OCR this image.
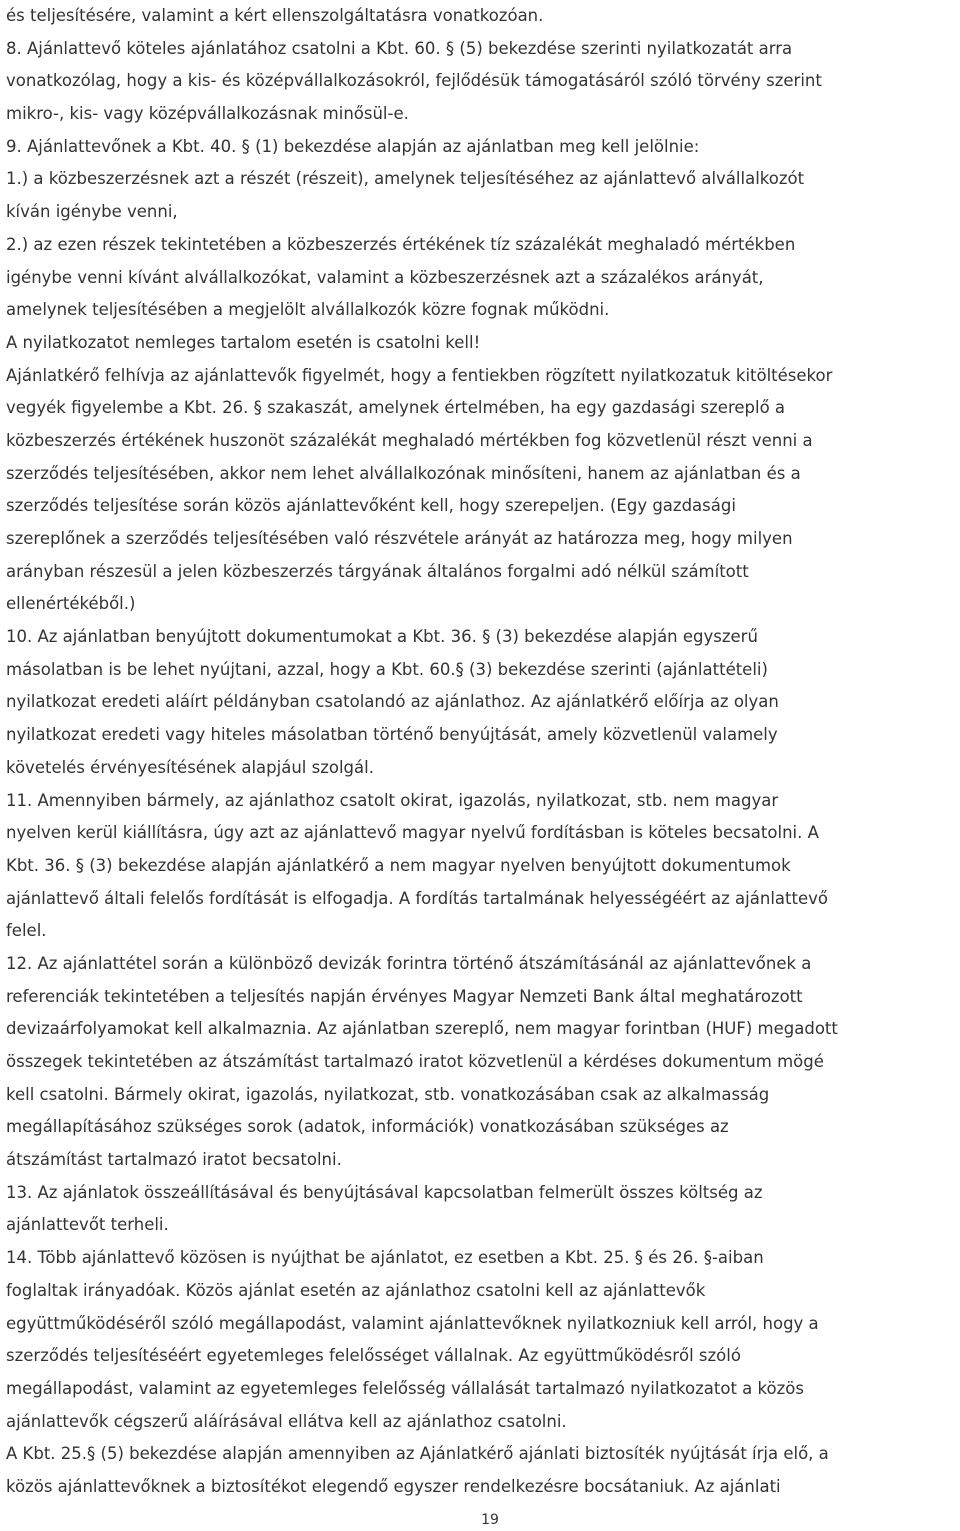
és teljesítésére, valamint a kért ellenszolgáltatásra vonatkozóan.
8. Ajánlattevő köteles ajánlatához csatolni a Kbt. 60. § (5) bekezdése szerinti nyilatkozatát arra
vonatkozólag, hogy a kis- és középvállalkozásokról, fejlődésük támogatásáról szóló törvény szerint
mikro-, kis- vagy középvállalkozásnak minősül-e.
9. Ajánlattevőnek a Kbt. 40. § (1) bekezdése alapján az ajánlatban meg kell jelölnie:
1.) a közbeszerzésnek azt a részét (részeit), amelynek teljesítéséhez az ajánlattevő alvállalkozót
kíván igénybe venni,
2.) az ezen részek tekintetében a közbeszerzés értékének tíz százalékát meghaladó mértékben
igénybe venni kívánt alvállalkozókat, valamint a közbeszerzésnek azt a százalékos arányát,
amelynek teljesítésében a megjelölt alvállalkozók közre fognak működni.
A nyilatkozatot nemleges tartalom esetén is csatolni kell!
Ajánlatkérő felhívja az ajánlattevők figyelmét, hogy a fentiekben rögzített nyilatkozatuk kitöltésekor
vegyék figyelembe a Kbt. 26. § szakaszát, amelynek értelmében, ha egy gazdasági szereplő a
közbeszerzés értékének huszonöt százalékát meghaladó mértékben fog közvetlenül részt venni a
szerződés teljesítésében, akkor nem lehet alvállalkozónak minősíteni, hanem az ajánlatban és a
szerződés teljesítése során közös ajánlattevőként kell, hogy szerepeljen. (Egy gazdasági
szereplőnek a szerződés teljesítésében való részvétele arányát az határozza meg, hogy milyen
arányban részesül a jelen közbeszerzés tárgyának általános forgalmi adó nélkül számított
ellenértékéből.)
10. Az ajánlatban benyújtott dokumentumokat a Kbt. 36. § (3) bekezdése alapján egyszerű
másolatban is be lehet nyújtani, azzal, hogy a Kbt. 60.§ (3) bekezdése szerinti (ajánlattételi)
nyilatkozat eredeti aláírt példányban csatolandó az ajánlathoz. Az ajánlatkérő előírja az olyan
nyilatkozat eredeti vagy hiteles másolatban történő benyújtását, amely közvetlenül valamely
követelés érvényesítésének alapjául szolgál.
11. Amennyiben bármely, az ajánlathoz csatolt okirat, igazolás, nyilatkozat, stb. nem magyar
nyelven kerül kiállításra, úgy azt az ajánlattevő magyar nyelvű fordításban is köteles becsatolni. A
Kbt. 36. § (3) bekezdése alapján ajánlatkérő a nem magyar nyelven benyújtott dokumentumok
ajánlattevő általi felelős fordítását is elfogadja. A fordítás tartalmának helyességéért az ajánlattevő
felel.
12. Az ajánlattétel során a különböző devizák forintra történő átszámításánál az ajánlattevőnek a
referenciák tekintetében a teljesítés napján érvényes Magyar Nemzeti Bank által meghatározott
devizaárfolyamokat kell alkalmaznia. Az ajánlatban szereplő, nem magyar forintban (HUF) megadott
összegek tekintetében az átszámítást tartalmazó iratot közvetlenül a kérdéses dokumentum mögé
kell csatolni. Bármely okirat, igazolás, nyilatkozat, stb. vonatkozásában csak az alkalmasság
megállapításához szükséges sorok (adatok, információk) vonatkozásában szükséges az
átszámítást tartalmazó iratot becsatolni.
13. Az ajánlatok összeállításával és benyújtásával kapcsolatban felmerült összes költség az
ajánlattevőt terheli.
14. Több ajánlattevő közösen is nyújthat be ajánlatot, ez esetben a Kbt. 25. § és 26. §-aiban
foglaltak irányadóak. Közös ajánlat esetén az ajánlathoz csatolni kell az ajánlattevők
együttműködéséről szóló megállapodást, valamint ajánlattevőknek nyilatkozniuk kell arról, hogy a
szerződés teljesítéséért egyetemleges felelősséget vállalnak. Az együttműködésről szóló
megállapodást, valamint az egyetemleges felelősség vállalását tartalmazó nyilatkozatot a közös
ajánlattevők cégszerű aláírásával ellátva kell az ajánlathoz csatolni.
A Kbt. 25.§ (5) bekezdése alapján amennyiben az Ajánlatkérő ajánlati biztosíték nyújtását írja elő, a
közös ajánlattevőknek a biztosítékot elegendő egyszer rendelkezésre bocsátaniuk. Az ajánlati
19
